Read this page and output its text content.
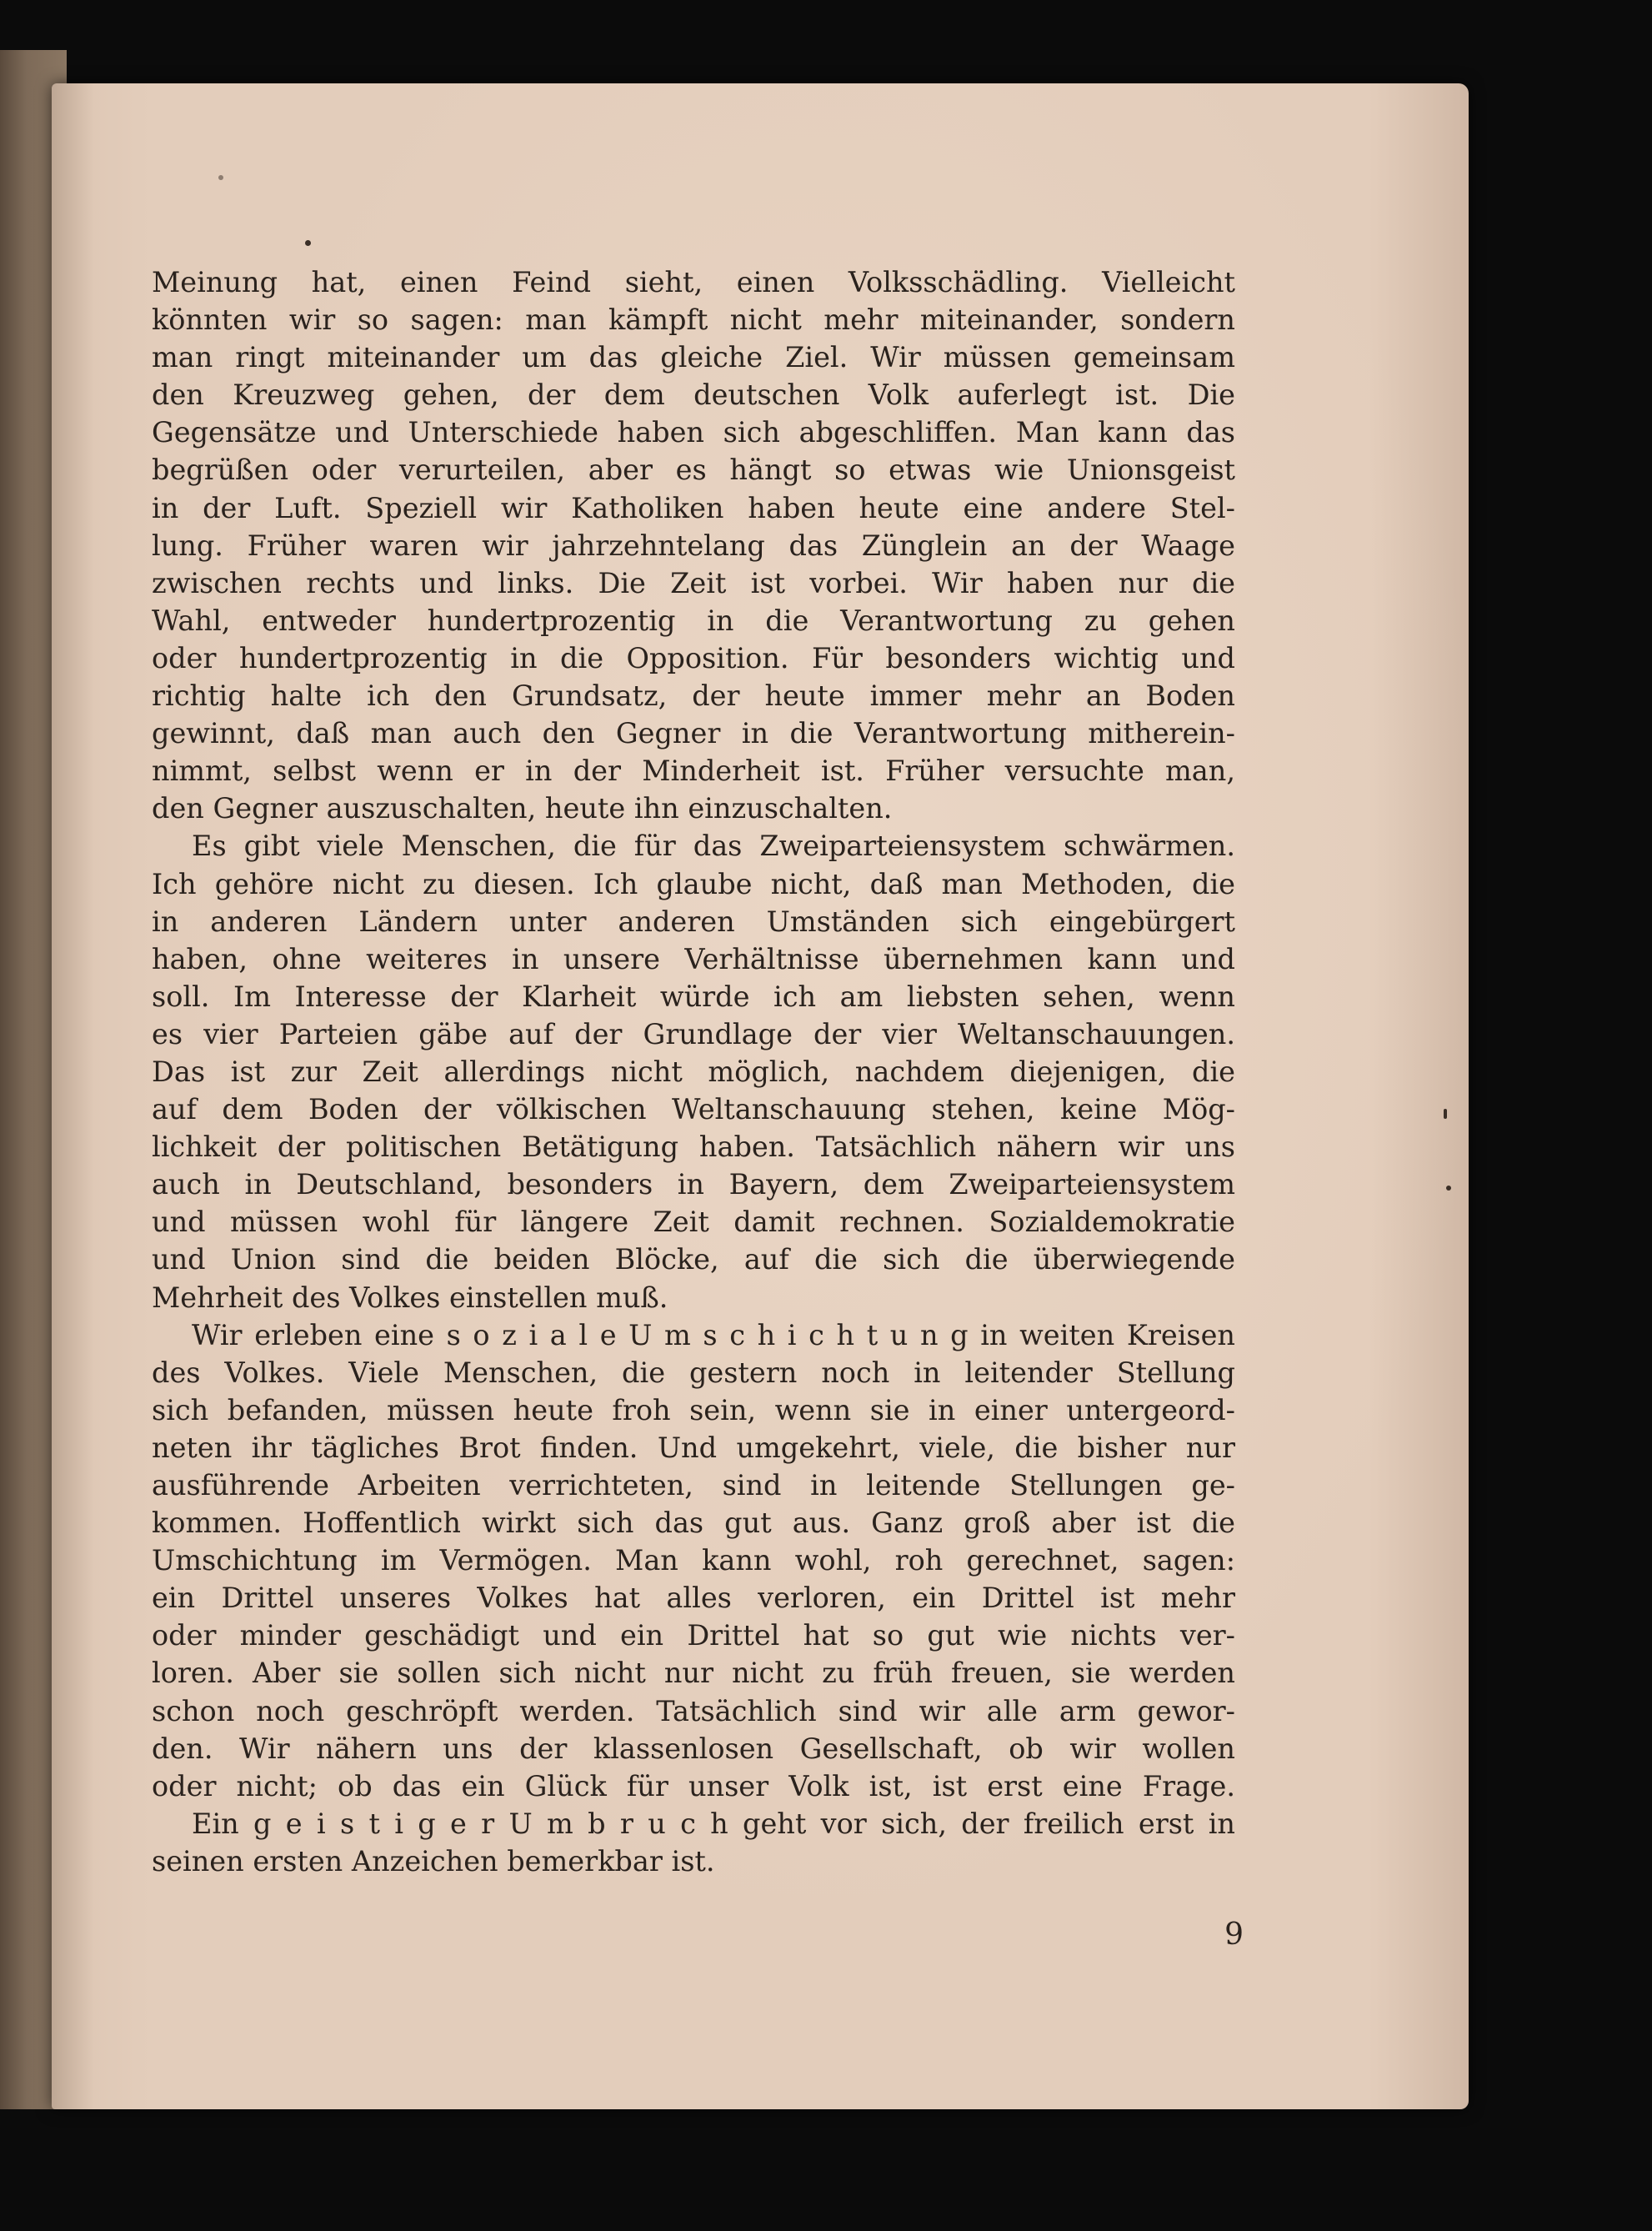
Meinung hat, einen Feind sieht, einen Volksschädling. Vielleicht
könnten wir so sagen: man kämpft nicht mehr miteinander, sondern
man ringt miteinander um das gleiche Ziel. Wir müssen gemeinsam
den Kreuzweg gehen, der dem deutschen Volk auferlegt ist. Die
Gegensätze und Unterschiede haben sich abgeschliffen. Man kann das
begrüßen oder verurteilen, aber es hängt so etwas wie Unionsgeist
in der Luft. Speziell wir Katholiken haben heute eine andere Stel-
lung. Früher waren wir jahrzehntelang das Zünglein an der Waage
zwischen rechts und links. Die Zeit ist vorbei. Wir haben nur die
Wahl, entweder hundertprozentig in die Verantwortung zu gehen
oder hundertprozentig in die Opposition. Für besonders wichtig und
richtig halte ich den Grundsatz, der heute immer mehr an Boden
gewinnt, daß man auch den Gegner in die Verantwortung mitherein-
nimmt, selbst wenn er in der Minderheit ist. Früher versuchte man,
den Gegner auszuschalten, heute ihn einzuschalten.
Es gibt viele Menschen, die für das Zweiparteiensystem schwärmen.
Ich gehöre nicht zu diesen. Ich glaube nicht, daß man Methoden, die
in anderen Ländern unter anderen Umständen sich eingebürgert
haben, ohne weiteres in unsere Verhältnisse übernehmen kann und
soll. Im Interesse der Klarheit würde ich am liebsten sehen, wenn
es vier Parteien gäbe auf der Grundlage der vier Weltanschauungen.
Das ist zur Zeit allerdings nicht möglich, nachdem diejenigen, die
auf dem Boden der völkischen Weltanschauung stehen, keine Mög-
lichkeit der politischen Betätigung haben. Tatsächlich nähern wir uns
auch in Deutschland, besonders in Bayern, dem Zweiparteiensystem
und müssen wohl für längere Zeit damit rechnen. Sozialdemokratie
und Union sind die beiden Blöcke, auf die sich die überwiegende
Mehrheit des Volkes einstellen muß.
Wir erleben eine s o z i a l e U m s c h i c h t u n g in weiten Kreisen
des Volkes. Viele Menschen, die gestern noch in leitender Stellung
sich befanden, müssen heute froh sein, wenn sie in einer untergeord-
neten ihr tägliches Brot finden. Und umgekehrt, viele, die bisher nur
ausführende Arbeiten verrichteten, sind in leitende Stellungen ge-
kommen. Hoffentlich wirkt sich das gut aus. Ganz groß aber ist die
Umschichtung im Vermögen. Man kann wohl, roh gerechnet, sagen:
ein Drittel unseres Volkes hat alles verloren, ein Drittel ist mehr
oder minder geschädigt und ein Drittel hat so gut wie nichts ver-
loren. Aber sie sollen sich nicht nur nicht zu früh freuen, sie werden
schon noch geschröpft werden. Tatsächlich sind wir alle arm gewor-
den. Wir nähern uns der klassenlosen Gesellschaft, ob wir wollen
oder nicht; ob das ein Glück für unser Volk ist, ist erst eine Frage.
Ein g e i s t i g e r U m b r u c h geht vor sich, der freilich erst in
seinen ersten Anzeichen bemerkbar ist.
9
